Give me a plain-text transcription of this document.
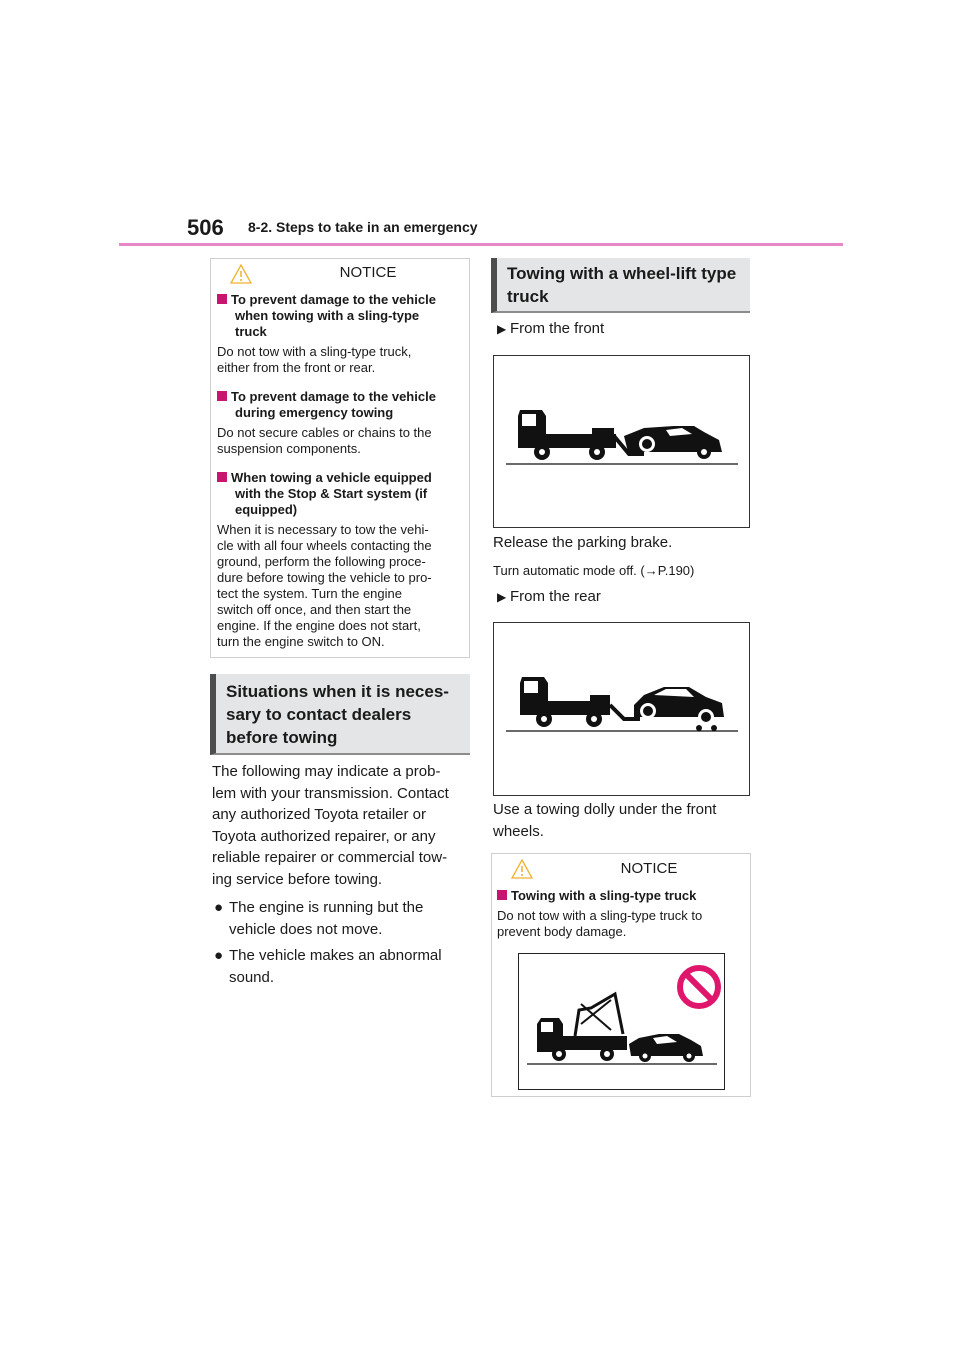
506 8-2. Steps to take in an emergency
NOTICE
To prevent damage to the vehicle
when towing with a sling-type
truck
Do not tow with a sling-type truck,
either from the front or rear.
To prevent damage to the vehicle
during emergency towing
Do not secure cables or chains to the
suspension components.
When towing a vehicle equipped
with the Stop & Start system (if
equipped)
When it is necessary to tow the vehi-
cle with all four wheels contacting the
ground, perform the following proce-
dure before towing the vehicle to pro-
tect the system. Turn the engine
switch off once, and then start the
engine. If the engine does not start,
turn the engine switch to ON.
Situations when it is neces-
sary to contact dealers
before towing
The following may indicate a prob-
lem with your transmission. Contact
any authorized Toyota retailer or
Toyota authorized repairer, or any
reliable repairer or commercial tow-
ing service before towing.
● The engine is running but the
vehicle does not move.
● The vehicle makes an abnormal
sound.
Towing with a wheel-lift type
truck
▶ From the front
Release the parking brake.
Turn automatic mode off. (→P.190)
▶ From the rear
Use a towing dolly under the front
wheels.
NOTICE
Towing with a sling-type truck
Do not tow with a sling-type truck to
prevent body damage.
